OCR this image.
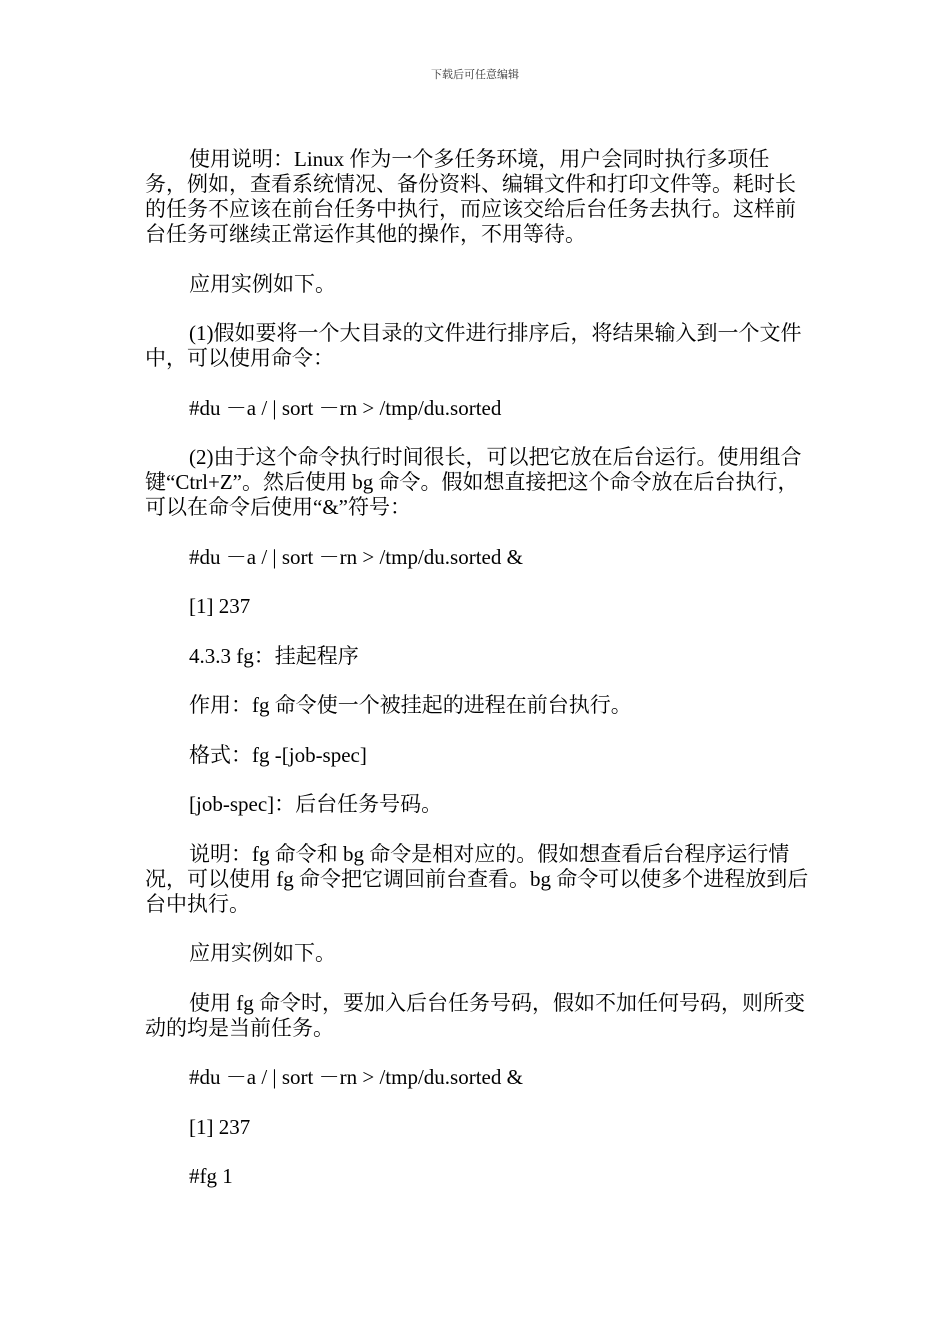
下载后可任意编辑

使用说明：Linux 作为一个多任务环境，用户会同时执行多项任务，例如，查看系统情况、备份资料、编辑文件和打印文件等。耗时长的任务不应该在前台任务中执行，而应该交给后台任务去执行。这样前台任务可继续正常运作其他的操作，不用等待。

应用实例如下。

(1)假如要将一个大目录的文件进行排序后，将结果输入到一个文件中，可以使用命令：

#du －a / | sort －rn > /tmp/du.sorted

(2)由于这个命令执行时间很长，可以把它放在后台运行。使用组合键“Ctrl+Z”。然后使用 bg 命令。假如想直接把这个命令放在后台执行，可以在命令后使用“&”符号：

#du －a / | sort －rn > /tmp/du.sorted &

[1] 237

4.3.3 fg：挂起程序

作用：fg 命令使一个被挂起的进程在前台执行。

格式：fg -[job-spec]

[job-spec]：后台任务号码。

说明：fg 命令和 bg 命令是相对应的。假如想查看后台程序运行情况，可以使用 fg 命令把它调回前台查看。bg 命令可以使多个进程放到后台中执行。

应用实例如下。

使用 fg 命令时，要加入后台任务号码，假如不加任何号码，则所变动的均是当前任务。

#du －a / | sort －rn > /tmp/du.sorted &

[1] 237

#fg 1
